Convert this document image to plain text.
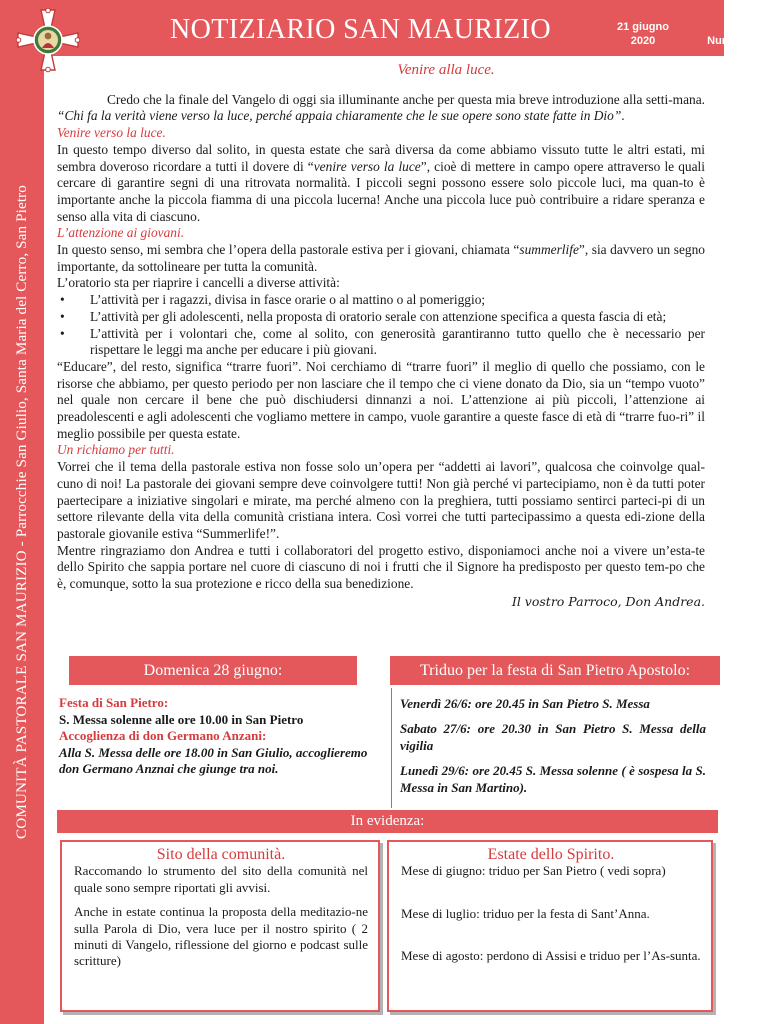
COMUNITÀ PASTORALE SAN MAURIZIO - Parrocchie San Giulio, Santa Maria del Cerro, San Pietro
NOTIZIARIO SAN MAURIZIO	21 giugno
2020
Anno 1
Numero 41

Venire alla luce.

Credo che la finale del Vangelo di oggi sia illuminante anche per questa mia breve introduzione alla setti-mana. “Chi fa la verità viene verso la luce, perché appaia chiaramente che le sue opere sono state fatte in Dio”.

Venire verso la luce.

In questo tempo diverso dal solito, in questa estate che sarà diversa da come abbiamo vissuto tutte le altri estati, mi sembra doveroso ricordare a tutti il dovere di “venire verso la luce”, cioè di mettere in campo opere attraverso le quali cercare di garantire segni di una ritrovata normalità. I piccoli segni possono essere solo piccole luci, ma quan-to è importante anche la piccola fiamma di una piccola lucerna! Anche una piccola luce può contribuire a ridare speranza e senso alla vita di ciascuno.

L’attenzione ai giovani.

In questo senso, mi sembra che l’opera della pastorale estiva per i giovani, chiamata “summerlife”, sia davvero un segno importante, da sottolineare per tutta la comunità.

L’oratorio sta per riaprire i cancelli a diverse attività:

• L’attività per i ragazzi, divisa in fasce orarie o al mattino o al pomeriggio;
• L’attività per gli adolescenti, nella proposta di oratorio serale con attenzione specifica a questa fascia di età;
• L’attività per i volontari che, come al solito, con generosità garantiranno tutto quello che è necessario per rispettare le leggi ma anche per educare i più giovani.

“Educare”, del resto, significa “trarre fuori”. Noi cerchiamo di “trarre fuori” il meglio di quello che possiamo, con le risorse che abbiamo, per questo periodo per non lasciare che il tempo che ci viene donato da Dio, sia un “tempo vuoto” nel quale non cercare il bene che può dischiudersi dinnanzi a noi. L’attenzione ai più piccoli, l’attenzione ai preadolescenti e agli adolescenti che vogliamo mettere in campo, vuole garantire a queste fasce di età di “trarre fuo-ri” il meglio possibile per questa estate.

Un richiamo per tutti.

Vorrei che il tema della pastorale estiva non fosse solo un’opera per “addetti ai lavori”, qualcosa che coinvolge qual-cuno di noi! La pastorale dei giovani sempre deve coinvolgere tutti! Non già perché vi partecipiamo, non è da tutti poter paertecipare a iniziative singolari e mirate, ma perché almeno con la preghiera, tutti possiamo sentirci parteci-pi di un settore rilevante della vita della comunità cristiana intera. Così vorrei che tutti partecipassimo a questa edi-zione della pastorale giovanile estiva “Summerlife!”.

Mentre ringraziamo don Andrea e tutti i collaboratori del progetto estivo, disponiamoci anche noi a vivere un’esta-te dello Spirito che sappia portare nel cuore di ciascuno di noi i frutti che il Signore ha predisposto per questo tem-po che è, comunque, sotto la sua protezione e ricco della sua benedizione.

Il vostro Parroco, Don Andrea.

Domenica 28 giugno:	Triduo per la festa di San Pietro Apostolo:
Festa di San Pietro:
S. Messa solenne alle ore 10.00 in San Pietro
Accoglienza di don Germano Anzani:
Alla S. Messa delle ore 18.00 in San Giulio, accoglieremo don Germano Anznai che giunge tra noi.
Venerdì 26/6: ore 20.45 in San Pietro S. Messa
Sabato 27/6: ore 20.30 in San Pietro S. Messa della vigilia
Lunedì 29/6: ore 20.45 S. Messa solenne ( è sospesa la S. Messa in San Martino).
In evidenza:

Sito della comunità.

Raccomando lo strumento del sito della comunità nel quale sono sempre riportati gli avvisi.

Anche in estate continua la proposta della meditazio-ne sulla Parola di Dio, vera luce per il nostro spirito ( 2 minuti di Vangelo, riflessione del giorno e podcast sulle scritture)

Estate dello Spirito.

Mese di giugno: triduo per San Pietro ( vedi sopra)

Mese di luglio: triduo per la festa di Sant’Anna.

Mese di agosto: perdono di Assisi e triduo per l’As-sunta.
